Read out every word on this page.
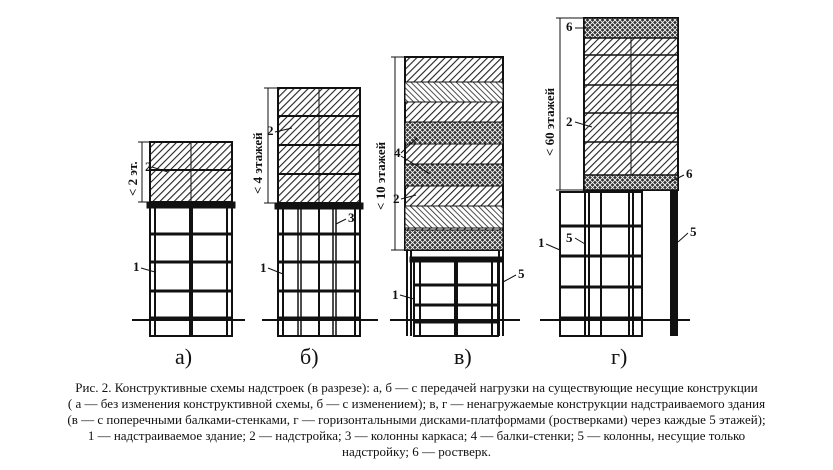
< 2 эт. 2
1
а)
< 4 этажей
2
3
1
б)
< 10 этажей 4
2
1
5
в)
< 60 этажей
6
2
6
5
1
5
г)
Рис. 2. Конструктивные схемы надстроек (в разрезе): а, б — с передачей нагрузки на существующие несущие конструкции
( а — без изменения конструктивной схемы, б — с изменением); в, г — ненагружаемые конструкции надстраиваемого здания
(в — с поперечными балками-стенками, г — горизонтальными дисками-платформами (ростверками) через каждые 5 этажей);
1 — надстраиваемое здание; 2 — надстройка; 3 — колонны каркаса; 4 — балки-стенки; 5 — колонны, несущие только
надстройку; 6 — ростверк.
